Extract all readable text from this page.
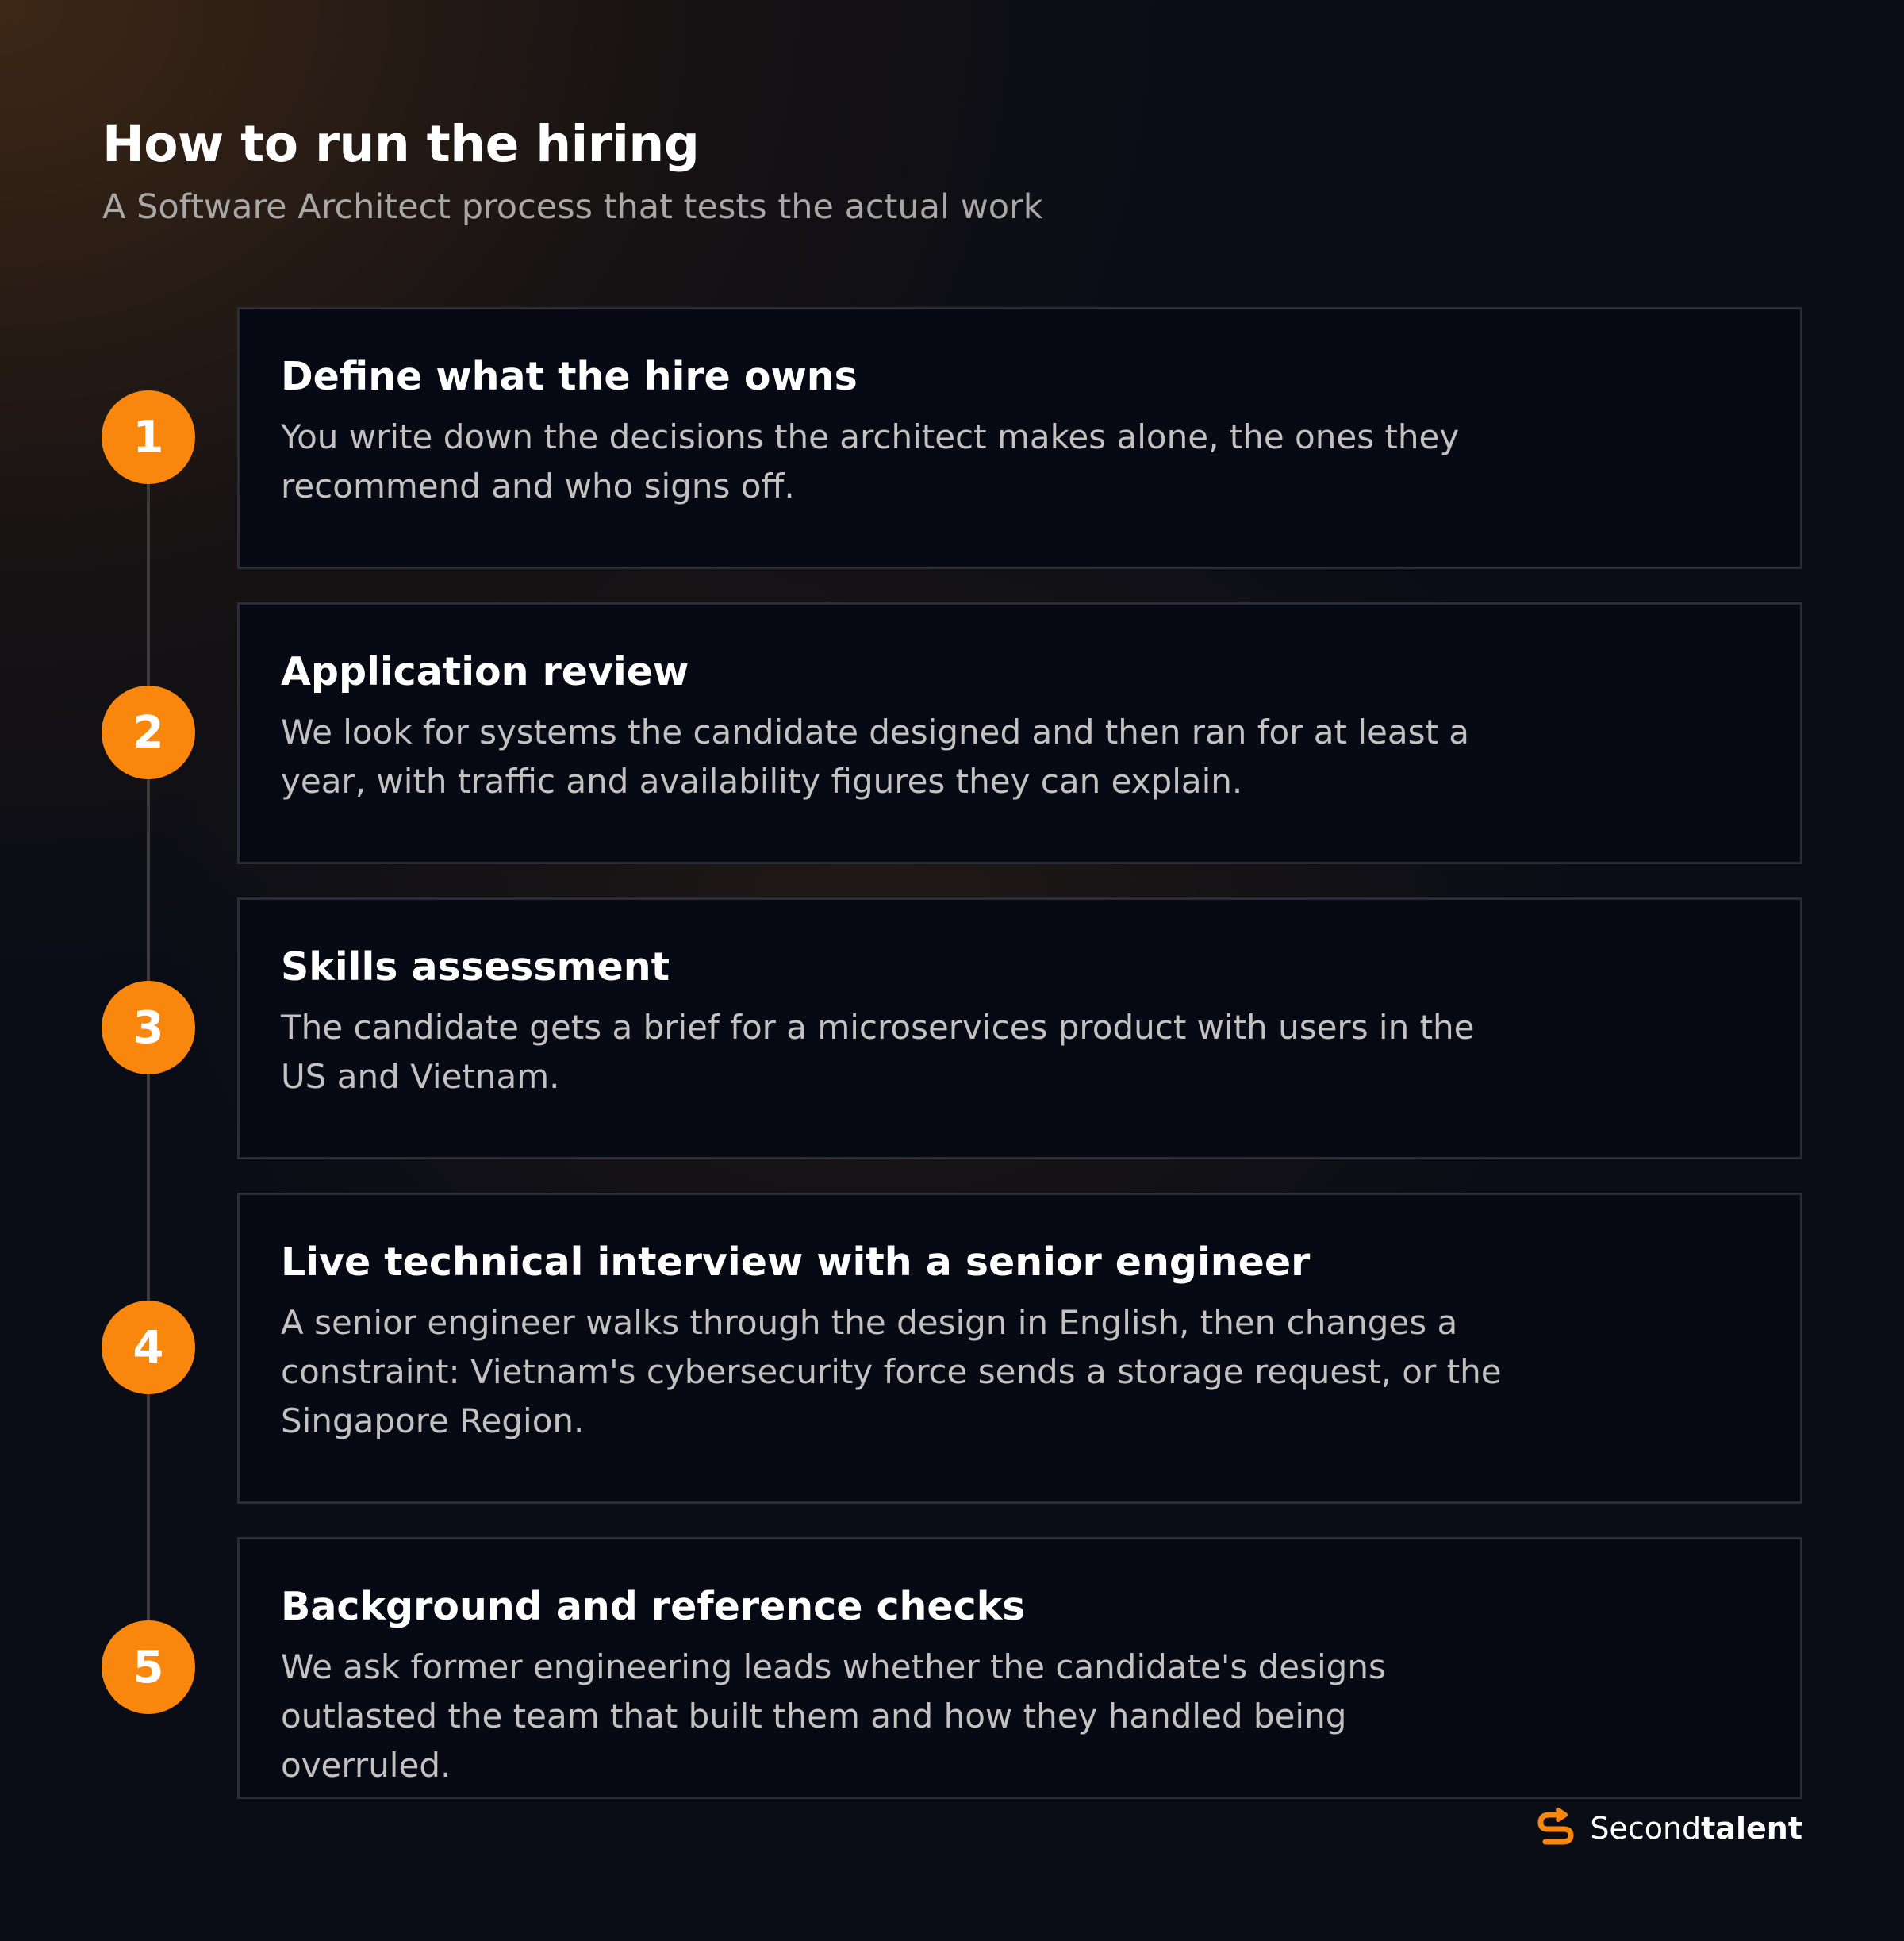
How to run the hiring

A Software Architect process that tests the actual work

Define what the hire owns
You write down the decisions the architect makes alone, the ones they recommend and who signs off.
1
Application review
We look for systems the candidate designed and then ran for at least a year, with traffic and availability figures they can explain.
2
Skills assessment
The candidate gets a brief for a microservices product with users in the US and Vietnam.
3
Live technical interview with a senior engineer
A senior engineer walks through the design in English, then changes a constraint: Vietnam's cybersecurity force sends a storage request, or the Singapore Region.
4
Background and reference checks
We ask former engineering leads whether the candidate's designs outlasted the team that built them and how they handled being overruled.
5
Secondtalent
